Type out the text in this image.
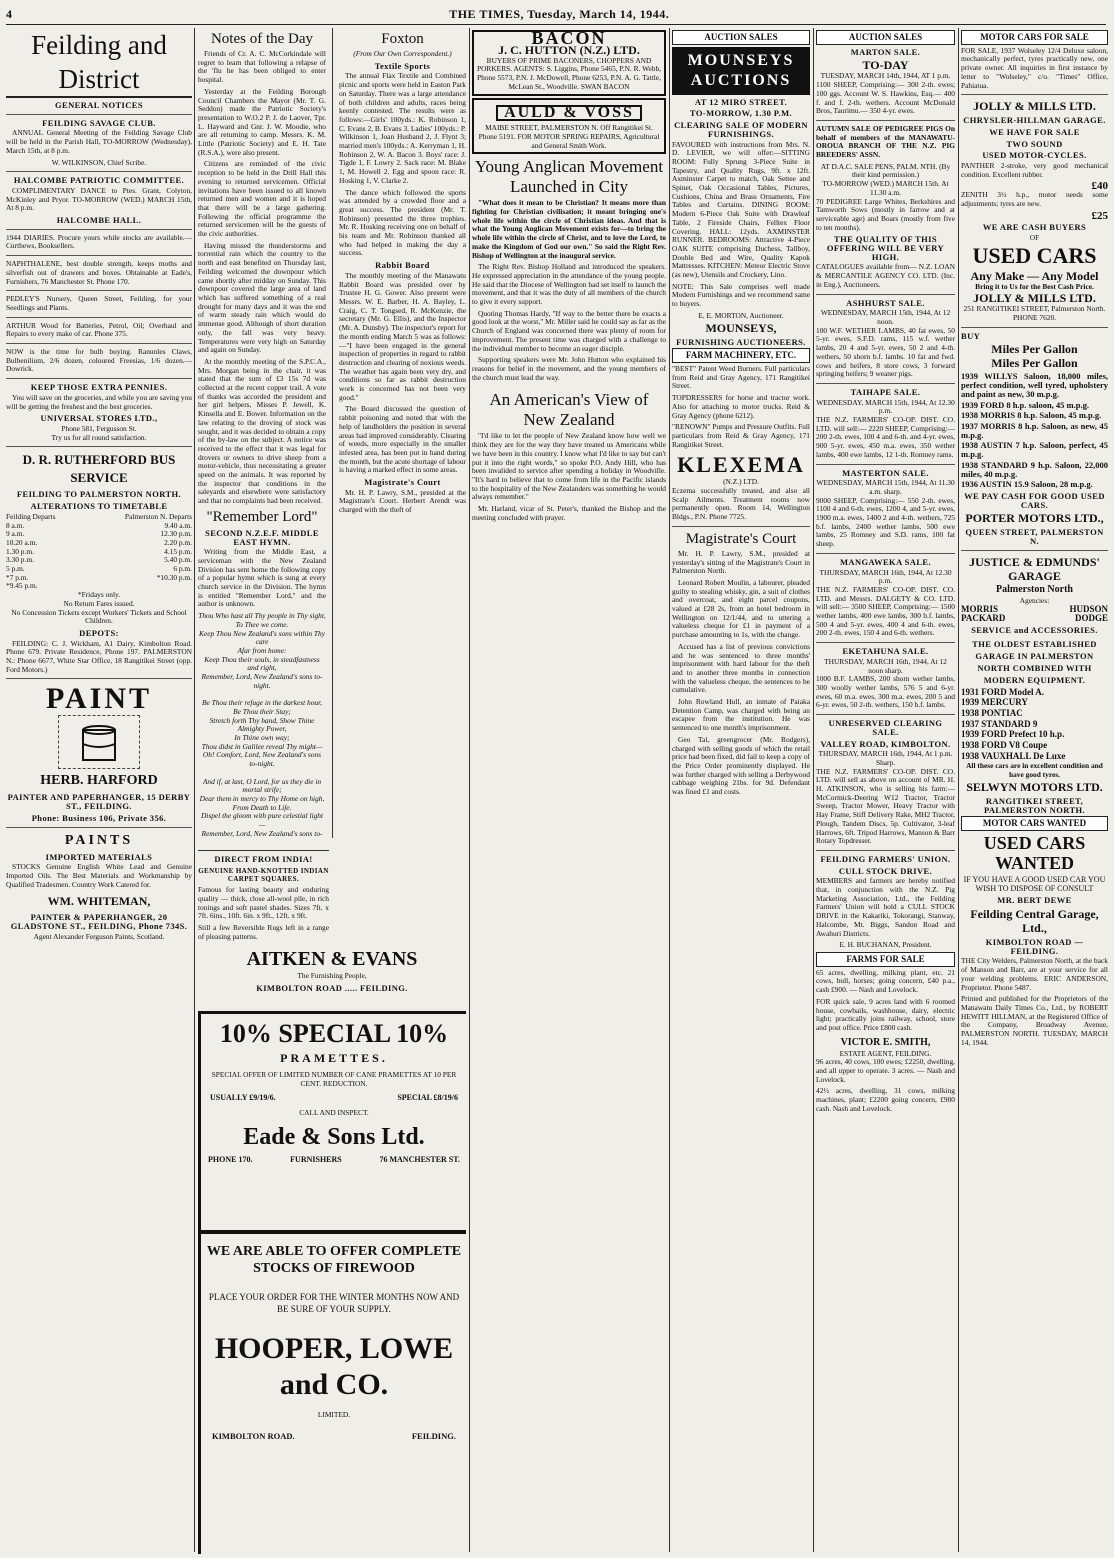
4	THE TIMES, Tuesday, March 14, 1944.
Feilding and District
GENERAL NOTICES
FEILDING SAVAGE CLUB.

ANNUAL General Meeting of the Feilding Savage Club will be held in the Parish Hall, TO-MORROW (Wednesday), March 15th, at 8 p.m.

W. WILKINSON, Chief Scribe.
HALCOMBE PATRIOTIC COMMITTEE.

COMPLIMENTARY DANCE to Ptes. Grant, Colyton, McKinley and Pryor. TO-MORROW (WED.) MARCH 15th, At 8 p.m.

HALCOMBE HALL.

1944 DIARIES. Procure yours while stocks are available.—Curthews, Booksellers.

NAPHTHALENE, best double strength, keeps moths and silverfish out of drawers and boxes. Obtainable at Eade's, Furnishers, 76 Manchester St. Phone 170.

PEDLEY'S Nursery, Queen Street, Feilding, for your Seedlings and Plants.

ARTHUR Wood for Batteries, Petrol, Oil; Overhaul and Repairs to every make of car. Phone 375.

NOW is the time for bulb buying. Ranunles Claws, Bulbenilium, 2/6 dozen, coloured Freesias, 1/6 dozen.—Dowrick.

KEEP THOSE EXTRA PENNIES.

You will save on the groceries, and while you are saving you will be getting the freshest and the best groceries.

UNIVERSAL STORES LTD.,
Phone 581, Fergusson St.
Try us for all round satisfaction.
D. R. RUTHERFORD BUS SERVICE
FEILDING TO PALMERSTON NORTH.
ALTERATIONS TO TIMETABLE
Feilding Departs	Palmerston N. Departs
8 a.m.	9.40 a.m.
9 a.m.	12.30 p.m.
10.20 a.m.	2.20 p.m.
1.30 p.m.	4.15 p.m.
3.30 p.m.	5.40 p.m.
5 p.m.	6 p.m.
*7 p.m.	*10.30 p.m.
*9.45 p.m.
*Fridays only.
No Return Fares issued.
No Concession Tickets except Workers' Tickets and School Children.
DEPOTS:

FEILDING: C. J. Wickham, A1 Dairy, Kimbolton Road. Phone 679. Private Residence, Phone 197. PALMERSTON N.: Phone 6677, White Star Office, 18 Rangitikei Street (opp. Ford Motors.)

PAINT
HERB. HARFORD
PAINTER AND PAPERHANGER, 15 DERBY ST., FEILDING.
Phone: Business 106, Private 356.
PAINTS
IMPORTED MATERIALS

STOCKS Genuine English White Lead and Genuine Imported Oils. The Best Materials and Workmanship by Qualified Tradesmen. Country Work Catered for.

WM. WHITEMAN,
PAINTER & PAPERHANGER, 20 GLADSTONE ST., FEILDING, Phone 734S.
Agent Alexander Ferguson Paints, Scotland.
Notes of the Day

Friends of Cr. A. C. McCorkindale will regret to learn that following a relapse of the 'flu he has been obliged to enter hospital.

Yesterday at the Feilding Borough Council Chambers the Mayor (Mr. T. G. Seddon) made the Patriotic Society's presentation to W.O.2 P. J. de Laover, Tpr. L. Hayward and Gnr. J. W. Moodie, who are all returning to camp. Messrs. K. M. Little (Patriotic Society) and E. H. Tate (R.S.A.), were also present.

Citizens are reminded of the civic reception to be held in the Drill Hall this evening to returned servicemen. Official invitations have been issued to all known returned men and women and it is hoped that there will be a large gathering. Following the official programme the returned servicemen will be the guests of the civic authorities.

Having missed the thunderstorms and torrential rain which the country to the north and east benefited on Thursday last, Feilding welcomed the downpour which came shortly after midday on Sunday. This downpour covered the large area of land which has suffered something of a real drought for many days and it was the end of warm steady rain which would do immense good. Although of short duration only, the fall was very heavy. Temperatures were very high on Saturday and again on Sunday.

At the monthly meeting of the S.P.C.A., Mrs. Morgan being in the chair, it was stated that the sum of £3 15s 7d was collected at the recent copper trail. A vote of thanks was accorded the president and her girl helpers, Misses P. Jewell, K. Kinsella and E. Bower. Information on the law relating to the droving of stock was sought, and it was decided to obtain a copy of the by-law on the subject. A notice was received to the effect that it was legal for drovers or owners to drive sheep from a motor-vehicle, thus necessitating a greater speed on the animals. It was reported by the inspector that conditions in the saleyards and elsewhere were satisfactory and that no complaints had been received.

"Remember Lord"
SECOND N.Z.E.F. MIDDLE EAST HYMN.

Writing from the Middle East, a serviceman with the New Zealand Division has sent home the following copy of a popular hymn which is sung at every church service in the Division. The hymn is entitled "Remember Lord," and the author is unknown.

Thou Who hast all Thy people in Thy sight,
To Thee we come.
Keep Thou New Zealand's sons within Thy care
Afar from home:
Keep Thou their souls, in steadfastness and right,
Remember, Lord, New Zealand's sons to-night.

Be Thou their refuge in the darkest hour,
Be Thou their Stay;
Stretch forth Thy hand, Show Thine Almighty Power,
In Thine own way;
Thou didst in Galilee reveal Thy might—
Oh! Comfort, Lord, New Zealand's sons to-night.

And if, at last, O Lord, for us they die in mortal strife;
Dear them in mercy to Thy Home on high,
From Death to Life.
Dispel the gloom with pure celestial light—
Remember, Lord, New Zealand's sons to-

Foxton
(From Our Own Correspondent.)
Textile Sports

The annual Flax Textile and Combined picnic and sports were held in Easton Park on Saturday. There was a large attendance of both children and adults, races being keenly contested. The results were as follows:—Girls' 100yds.: K. Robinson 1, C. Evans 2, B. Evans 3. Ladies' 100yds.: P. Wilkinson 1, Joan Husband 2, J. Flynt 3; married men's 100yds.: A. Kerryman 1, H. Robinson 2, W. A. Bacon 3. Boys' race: J. Tigde 1, F. Lowry 2. Sack race: M. Blake 1, M. Howell 2. Egg and spoon race: R. Hosking 1, V. Clarke 2.

The dance which followed the sports was attended by a crowded floor and a great success. The president (Mr. T. Robinson) presented the three trophies. Mr. R. Hosking receiving one on behalf of his team and Mr. Robinson thanked all who had helped in making the day a success.

Rabbit Board

The monthly meeting of the Manawatu Rabbit Board was presided over by Trustee H. G. Gower. Also present were Messrs. W. E. Barber, H. A. Bayley, L. Craig, C. T. Tongsed, R. McKenzie, the secretary (Mr. G. Ellis), and the Inspector (Mr. A. Dunsby). The inspector's report for the month ending March 5 was as follows:—"I have been engaged in the general inspection of properties in regard to rabbit destruction and clearing of noxious weeds. The weather has again been very dry, and conditions so far as rabbit destruction work is concerned has not been very good."

The Board discussed the question of rabbit poisoning and noted that with the help of landholders the position in several areas had improved considerably. Clearing of weeds, more especially in the smaller infested area, has been put in hand during the month, but the acute shortage of labour is having a marked effect in some areas.

Magistrate's Court

Mr. H. P. Lawry, S.M., presided at the Magistrate's Court. Herbert Arendt was charged with the theft of

DIRECT FROM INDIA!
GENUINE HAND-KNOTTED INDIAN CARPET SQUARES.

Famous for lasting beauty and enduring quality — thick, close all-wool pile, in rich tonings and soft pastel shades. Sizes 7ft. x 7ft. 6ins., 10ft. 6in. x 9ft., 12ft. x 9ft.

Still a few Reversible Rugs left in a range of pleasing patterns.

AITKEN & EVANS
The Furnishing People,
KIMBOLTON ROAD ..... FEILDING.
10% SPECIAL 10%
PRAMETTES.
SPECIAL OFFER OF LIMITED NUMBER OF CANE PRAMETTES AT 10 PER CENT. REDUCTION.
USUALLY £9/19/6.	SPECIAL £8/19/6
CALL AND INSPECT.
Eade & Sons Ltd.
PHONE 170.	FURNISHERS	76 MANCHESTER ST.
WE ARE ABLE TO OFFER COMPLETE STOCKS OF FIREWOOD
PLACE YOUR ORDER FOR THE WINTER MONTHS NOW AND BE SURE OF YOUR SUPPLY.
HOOPER, LOWE and CO.
LIMITED.
KIMBOLTON ROAD.	FEILDING.
BACON
J. C. HUTTON (N.Z.) LTD.
BUYERS OF PRIME BACONERS, CHOPPERS AND PORKERS. AGENTS: S. Liggins, Phone 5465, P.N. R. Webb, Phone 5573, P.N. J. McDowell, Phone 6253, P.N. A. G. Tattle, McLean St., Woodville. SWAN BACON
AULD & VOSS
MAIBE STREET, PALMERSTON N. Off Rangitikei St. Phone 5191. FOR MOTOR SPRING REPAIRS, Agricultural and General Smith Work.
Young Anglican Movement Launched in City

"What does it mean to be Christian? It means more than fighting for Christian civilisation; it meant bringing one's whole life within the circle of Christian ideas. And that is what the Young Anglican Movement exists for—to bring the whole life within the circle of Christ, and to love the Lord, to make the Kingdom of God our own." So said the Right Rev. Bishop of Wellington at the inaugural service.

The Right Rev. Bishop Holland and introduced the speakers. He expressed appreciation in the attendance of the young people. He said that the Diocese of Wellington had set itself to launch the movement, and that it was the duty of all members of the church to give it every support.

Quoting Thomas Hardy, "If way to the better there be exacts a good look at the worst," Mr. Miller said he could say as far as the Church of England was concerned there was plenty of room for improvement. The present time was charged with a challenge to the individual member to become an eager disciple.

Supporting speakers were Mr. John Hutton who explained his reasons for belief in the movement, and the young members of the church must lead the way.

An American's View of New Zealand

"I'd like to let the people of New Zealand know how well we think they are for the way they have treated us Americans while we have been in this country. I know what I'd like to say but can't put it into the right words," so spoke P.O. Andy Hill, who has been invalided to service after spending a holiday in Woodville. "It's hard to believe that to come from life in the Pacific islands to the hospitality of the New Zealanders was something he would always remember."

Mr. Harland, vicar of St. Peter's, thanked the Bishop and the meeting concluded with prayer.

AUCTION SALES
MOUNSEYS AUCTIONS
AT 12 MIRO STREET.
TO-MORROW, 1.30 P.M.
CLEARING SALE OF MODERN FURNISHINGS.

FAVOURED with instructions from Mrs. N. D. LEVIER, we will offer:—SITTING ROOM: Fully Sprung 3-Piece Suite in Tapestry, and Quality Rugs, 9ft. x 12ft. Axminster Carpet to match, Oak Settee and Spinet, Oak Occasional Tables, Pictures, Cushions, China and Brass Ornaments, Fire Tables and Curtains. DINING ROOM: Modern 6-Piece Oak Suite with Drawleaf Table, 2 Fireside Chairs, Felltex Floor Covering. HALL: 12yds. AXMINSTER RUNNER. BEDROOMS: Attractive 4-Piece OAK SUITE comprising Duchess, Tallboy, Double Bed and Wire, Quality Kapok Mattresses. KITCHEN: Meteor Electric Stove (as new), Utensils and Crockery, Lino.

NOTE: This Sale comprises well made Modern Furnishings and we recommend same to buyers.

E. E. MORTON, Auctioneer.
MOUNSEYS,
FURNISHING AUCTIONEERS.
FARM MACHINERY, ETC.

"BEST" Patent Weed Burners. Full particulars from Reid and Gray Agency, 171 Rangitikei Street.

TOPDRESSERS for horse and tractor work. Also for attaching to motor trucks. Reid & Gray Agency (phone 6212).

"RENOWN" Pumps and Pressure Outfits. Full particulars from Reid & Gray Agency, 171 Rangitikei Street.

KLEXEMA
(N.Z.) LTD.

Eczema successfully treated, and also all Scalp Ailments. Treatment rooms now permanently open. Room 14, Wellington Bldgs., P.N. Phone 7725.

Magistrate's Court

Mr. H. P. Lawry, S.M., presided at yesterday's sitting of the Magistrate's Court in Palmerston North.

Leonard Robert Moulin, a labourer, pleaded guilty to stealing whisky, gin, a suit of clothes and overcoat, and eight parcel coupons, valued at £28 2s, from an hotel bedroom in Wellington on 12/1/44, and to uttering a valueless cheque for £1 in payment of a purchase amounting to 1s, with the change.

Accused has a list of previous convictions and he was sentenced to three months' imprisonment with hard labour for the theft and to another three months in connection with the valueless cheque, the sentences to be cumulative.

John Rowland Hull, an inmate of Paiaka Detention Camp, was charged with being an escapee from the institution. He was sentenced to one month's imprisonment.

Geo Tal, greengrocer (Mr. Rodgers), charged with selling goods of which the retail price had been fixed, did fail to keep a copy of the Price Order prominently displayed. He was further charged with selling a Derbywood cabbage weighing 21bs. for 9d. Defendant was fined £1 and costs.

AUCTION SALES
MARTON SALE.
TO-DAY
TUESDAY, MARCH 14th, 1944, AT 1 p.m.

1100 SHEEP, Comprising:— 300 2-th. ewes; 100 ggs. Account W. S. Hawkins, Esq.— 400 f. and f. 2-th. wethers. Account McDonald Bros, Taurimu.— 350 4-yr. ewes.

AUTUMN SALE OF PEDIGREE PIGS On behalf of members of the MANAWATU-OROUA BRANCH OF THE N.Z. PIG BREEDERS' ASSN.

AT D.A.C. SALE PENS, PALM. NTH. (By their kind permission.)
TO-MORROW (WED.) MARCH 15th. At 11.30 a.m.

70 PEDIGREE Large Whites, Berkshires and Tamworth Sows (mostly in farrow and at serviceable age) and Boars (mostly from five to ten months).

THE QUALITY OF THIS OFFERING WILL BE VERY HIGH.

CATALOGUES available from— N.Z. LOAN & MERCANTILE AGENCY CO. LTD. (Inc. in Eng.), Auctioneers.

ASHHURST SALE.
WEDNESDAY, MARCH 15th, 1944, At 12 noon.

100 W.F. WETHER LAMBS, 40 fat ewes, 50 5-yr. ewes, S.F.D. rams, 115 w.f. wether lambs, 20 4 and 5-yr. ewes, 50 2 and 4-th. wethers, 50 shorn b.f. lambs. 10 fat and fwd. cows and heifers, 8 store cows, 3 forward springing heifers; 9 weaner pigs.

TAIHAPE SALE.
WEDNESDAY, MARCH 15th, 1944, At 12.30 p.m.

THE N.Z. FARMERS' CO-OP. DIST. CO. LTD. will sell:— 2220 SHEEP, Comprising:— 200 2-th. ewes, 100 4 and 6-th. and 4-yr. ewes, 900 5-yr. ewes, 450 m.a. ewes, 350 wether lambs, 400 ewe lambs, 12 1-th. Romney rams.

MASTERTON SALE.
WEDNESDAY, MARCH 15th, 1944, At 11.30 a.m. sharp.

9000 SHEEP, Comprising:— 550 2-th. ewes, 1100 4 and 6-th. ewes, 1200 4, and 5-yr. ewes, 1900 m.a. ewes, 1400 2 and 4-th. wethers, 725 b.f. lambs, 2400 wether lambs, 500 ewe lambs, 25 Romney and S.D. rams, 100 fat sheep.

MANGAWEKA SALE.
THURSDAY, MARCH 16th, 1944, At 12.30 p.m.

THE N.Z. FARMERS' CO-OP. DIST. CO. LTD. and Messrs. DALGETY & CO. LTD. will sell:— 3500 SHEEP, Comprising:— 1500 wether lambs, 400 ewe lambs, 300 b.f. lambs, 500 4 and 5-yr. ewes, 400 4 and 6-th. ewes, 200 2-th. ewes, 150 4 and 6-th. wethers.

EKETAHUNA SALE.
THURSDAY, MARCH 16th, 1944, At 12 noon sharp.

1000 B.F. LAMBS, 200 shorn wether lambs, 300 woolly wether lambs, 576 5 and 6-yr. ewes, 60 m.a. ewes, 300 m.a. ewes, 200 5 and 6-yr. ewes, 50 2-th. wethers, 150 b.f. lambs.

UNRESERVED CLEARING SALE.
VALLEY ROAD, KIMBOLTON.
THURSDAY, MARCH 16th, 1944, At 1 p.m. Sharp.

THE N.Z. FARMERS' CO-OP. DIST. CO. LTD. will sell as above on account of MR. H. H. ATKINSON, who is selling his farm:— McCormick-Deering W12 Tractor, Tractor Sweep, Tractor Mower, Heavy Tractor with Hay Frame, Stiff Delivery Rake, MH2 Tractor, Plough, Tandem Discs, 5p. Cultivator, 3-leaf Harrows, 6ft. Tripod Harrows, Manson & Barr Rotary Topdresser.

FEILDING FARMERS' UNION.
CULL STOCK DRIVE.

MEMBERS and farmers are hereby notified that, in conjunction with the N.Z. Pig Marketing Association, Ltd., the Feilding Farmers' Union will hold a CULL STOCK DRIVE in the Kakariki, Tokorangi, Stanway, Halcombe, Mt. Biggs, Sandon Road and Awahuri Districts.

E. H. BUCHANAN, President.
FARMS FOR SALE

65 acres, dwelling, milking plant, etc. 21 cows, bull, horses; going concern, £40 p.a., cash £900. — Nash and Lovelock.

FOR quick sale, 9 acres land with 6 roomed house, cowbails, washhouse, dairy, electric light; practically joins railway, school, store and post office. Price £800 cash.

VICTOR E. SMITH,
ESTATE AGENT, FEILDING.

96 acres, 40 cows, 100 ewes; £2250, dwelling, and all upper to operate. 3 acres. — Nash and Lovelock.

42½ acres, dwelling, 31 cows, milking machines, plant; £2200 going concern, £900 cash. Nash and Lovelock.

MOTOR CARS FOR SALE

FOR SALE, 1937 Wolseley 12/4 Deluxe saloon, mechanically perfect, tyres practically new, one private owner. All inquiries in first instance by letter to "Wolseley," c/o. "Times" Office, Pahiatua.

JOLLY & MILLS LTD.
CHRYSLER-HILLMAN GARAGE.
WE HAVE FOR SALE
TWO SOUND
USED MOTOR-CYCLES.

PANTHER 2-stroke, very good mechanical condition. Excellent rubber.

£40

ZENITH 3½ h.p., motor needs some adjustments; tyres are new.

£25
WE ARE CASH BUYERS
OF
USED CARS
Any Make — Any Model
Bring it to Us for the Best Cash Price.
JOLLY & MILLS LTD.
251 RANGITIKEI STREET, Palmerston North. PHONE 7620.
BUY
Miles Per Gallon
Miles Per Gallon
1939 WILLYS Saloon, 18,000 miles, perfect condition, well tyred, upholstery and paint as new, 30 m.p.g.
1939 FORD 8 h.p. saloon, 45 m.p.g.
1938 MORRIS 8 h.p. Saloon, 45 m.p.g.
1937 MORRIS 8 h.p. Saloon, as new, 45 m.p.g.
1938 AUSTIN 7 h.p. Saloon, perfect, 45 m.p.g.
1938 STANDARD 9 h.p. Saloon, 22,000 miles, 40 m.p.g.
1936 AUSTIN 15.9 Saloon, 28 m.p.g.
WE PAY CASH FOR GOOD USED CARS.
PORTER MOTORS LTD.,
QUEEN STREET, PALMERSTON N.
JUSTICE & EDMUNDS' GARAGE
Palmerston North
Agencies:
MORRIS	HUDSON
PACKARD	DODGE
SERVICE and ACCESSORIES.
THE OLDEST ESTABLISHED GARAGE IN PALMERSTON NORTH COMBINED WITH MODERN EQUIPMENT.
1931 FORD Model A.
1939 MERCURY
1938 PONTIAC
1937 STANDARD 9
1939 FORD Prefect 10 h.p.
1938 FORD V8 Coupe
1938 VAUXHALL De Luxe
All these cars are in excellent condition and have good tyres.
SELWYN MOTORS LTD.
RANGITIKEI STREET, PALMERSTON NORTH.
MOTOR CARS WANTED
USED CARS WANTED
IF YOU HAVE A GOOD USED CAR YOU WISH TO DISPOSE OF CONSULT
MR. BERT DEWE
Feilding Central Garage, Ltd.,
KIMBOLTON ROAD — FEILDING.

THE City Welders, Palmerston North, at the back of Manson and Barr, are at your service for all your welding problems. ERIC ANDERSON, Proprietor. Phone 5487.

Printed and published for the Proprietors of the Manawatu Daily Times Co., Ltd., by ROBERT HEWITT HILLMAN, at the Registered Office of the Company, Broadway Avenue, PALMERSTON NORTH. TUESDAY, MARCH 14, 1944.
